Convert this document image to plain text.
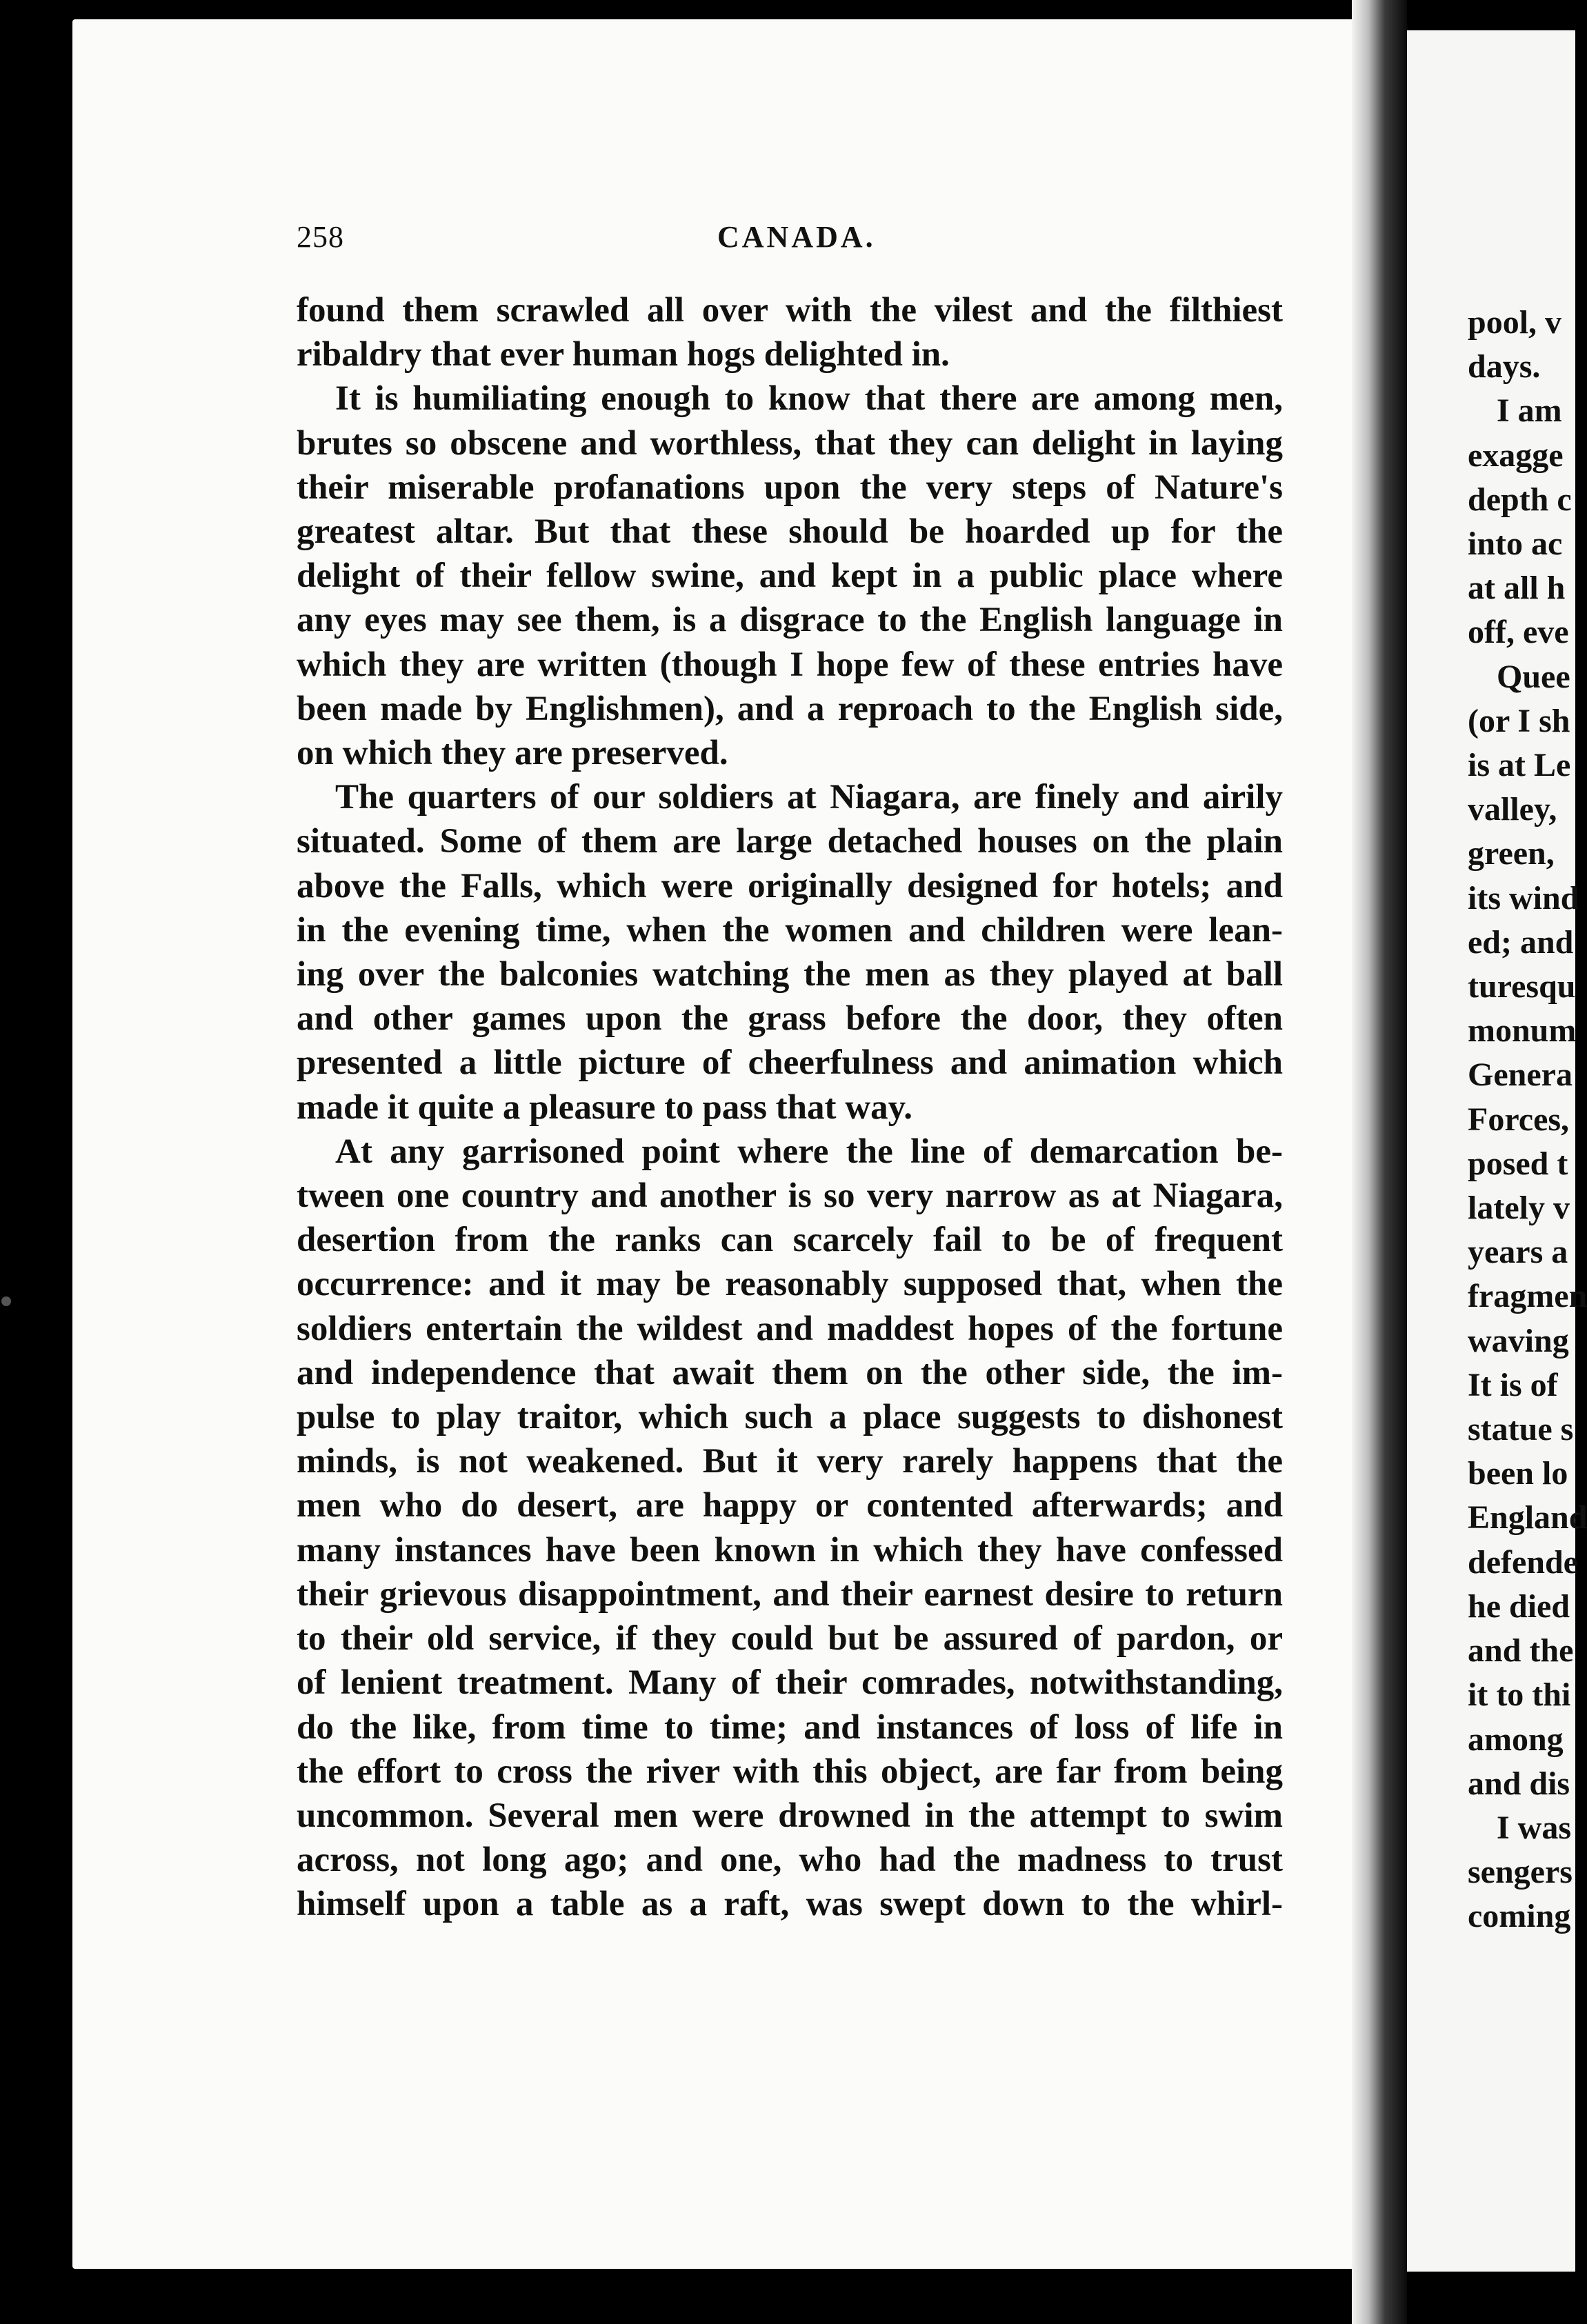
258	CANADA.
found them scrawled all over with the vilest and the filthiest
ribaldry that ever human hogs delighted in.
It is humiliating enough to know that there are among men,
brutes so obscene and worthless, that they can delight in laying
their miserable profanations upon the very steps of Nature's
greatest altar. But that these should be hoarded up for the
delight of their fellow swine, and kept in a public place where
any eyes may see them, is a disgrace to the English language in
which they are written (though I hope few of these entries have
been made by Englishmen), and a reproach to the English side,
on which they are preserved.
The quarters of our soldiers at Niagara, are finely and airily
situated. Some of them are large detached houses on the plain
above the Falls, which were originally designed for hotels; and
in the evening time, when the women and children were lean-
ing over the balconies watching the men as they played at ball
and other games upon the grass before the door, they often
presented a little picture of cheerfulness and animation which
made it quite a pleasure to pass that way.
At any garrisoned point where the line of demarcation be-
tween one country and another is so very narrow as at Niagara,
desertion from the ranks can scarcely fail to be of frequent
occurrence: and it may be reasonably supposed that, when the
soldiers entertain the wildest and maddest hopes of the fortune
and independence that await them on the other side, the im-
pulse to play traitor, which such a place suggests to dishonest
minds, is not weakened. But it very rarely happens that the
men who do desert, are happy or contented afterwards; and
many instances have been known in which they have confessed
their grievous disappointment, and their earnest desire to return
to their old service, if they could but be assured of pardon, or
of lenient treatment. Many of their comrades, notwithstanding,
do the like, from time to time; and instances of loss of life in
the effort to cross the river with this object, are far from being
uncommon. Several men were drowned in the attempt to swim
across, not long ago; and one, who had the madness to trust
himself upon a table as a raft, was swept down to the whirl-
pool, v
days.
I am
exagge
depth c
into ac
at all h
off, eve
Quee
(or I sh
is at Le
valley,
green,
its wind
ed; and
turesqu
monum
Genera
Forces,
posed t
lately v
years a
fragmen
waving
It is of
statue s
been lo
England
defende
he died
and the
it to thi
among
and dis
I was
sengers
coming
